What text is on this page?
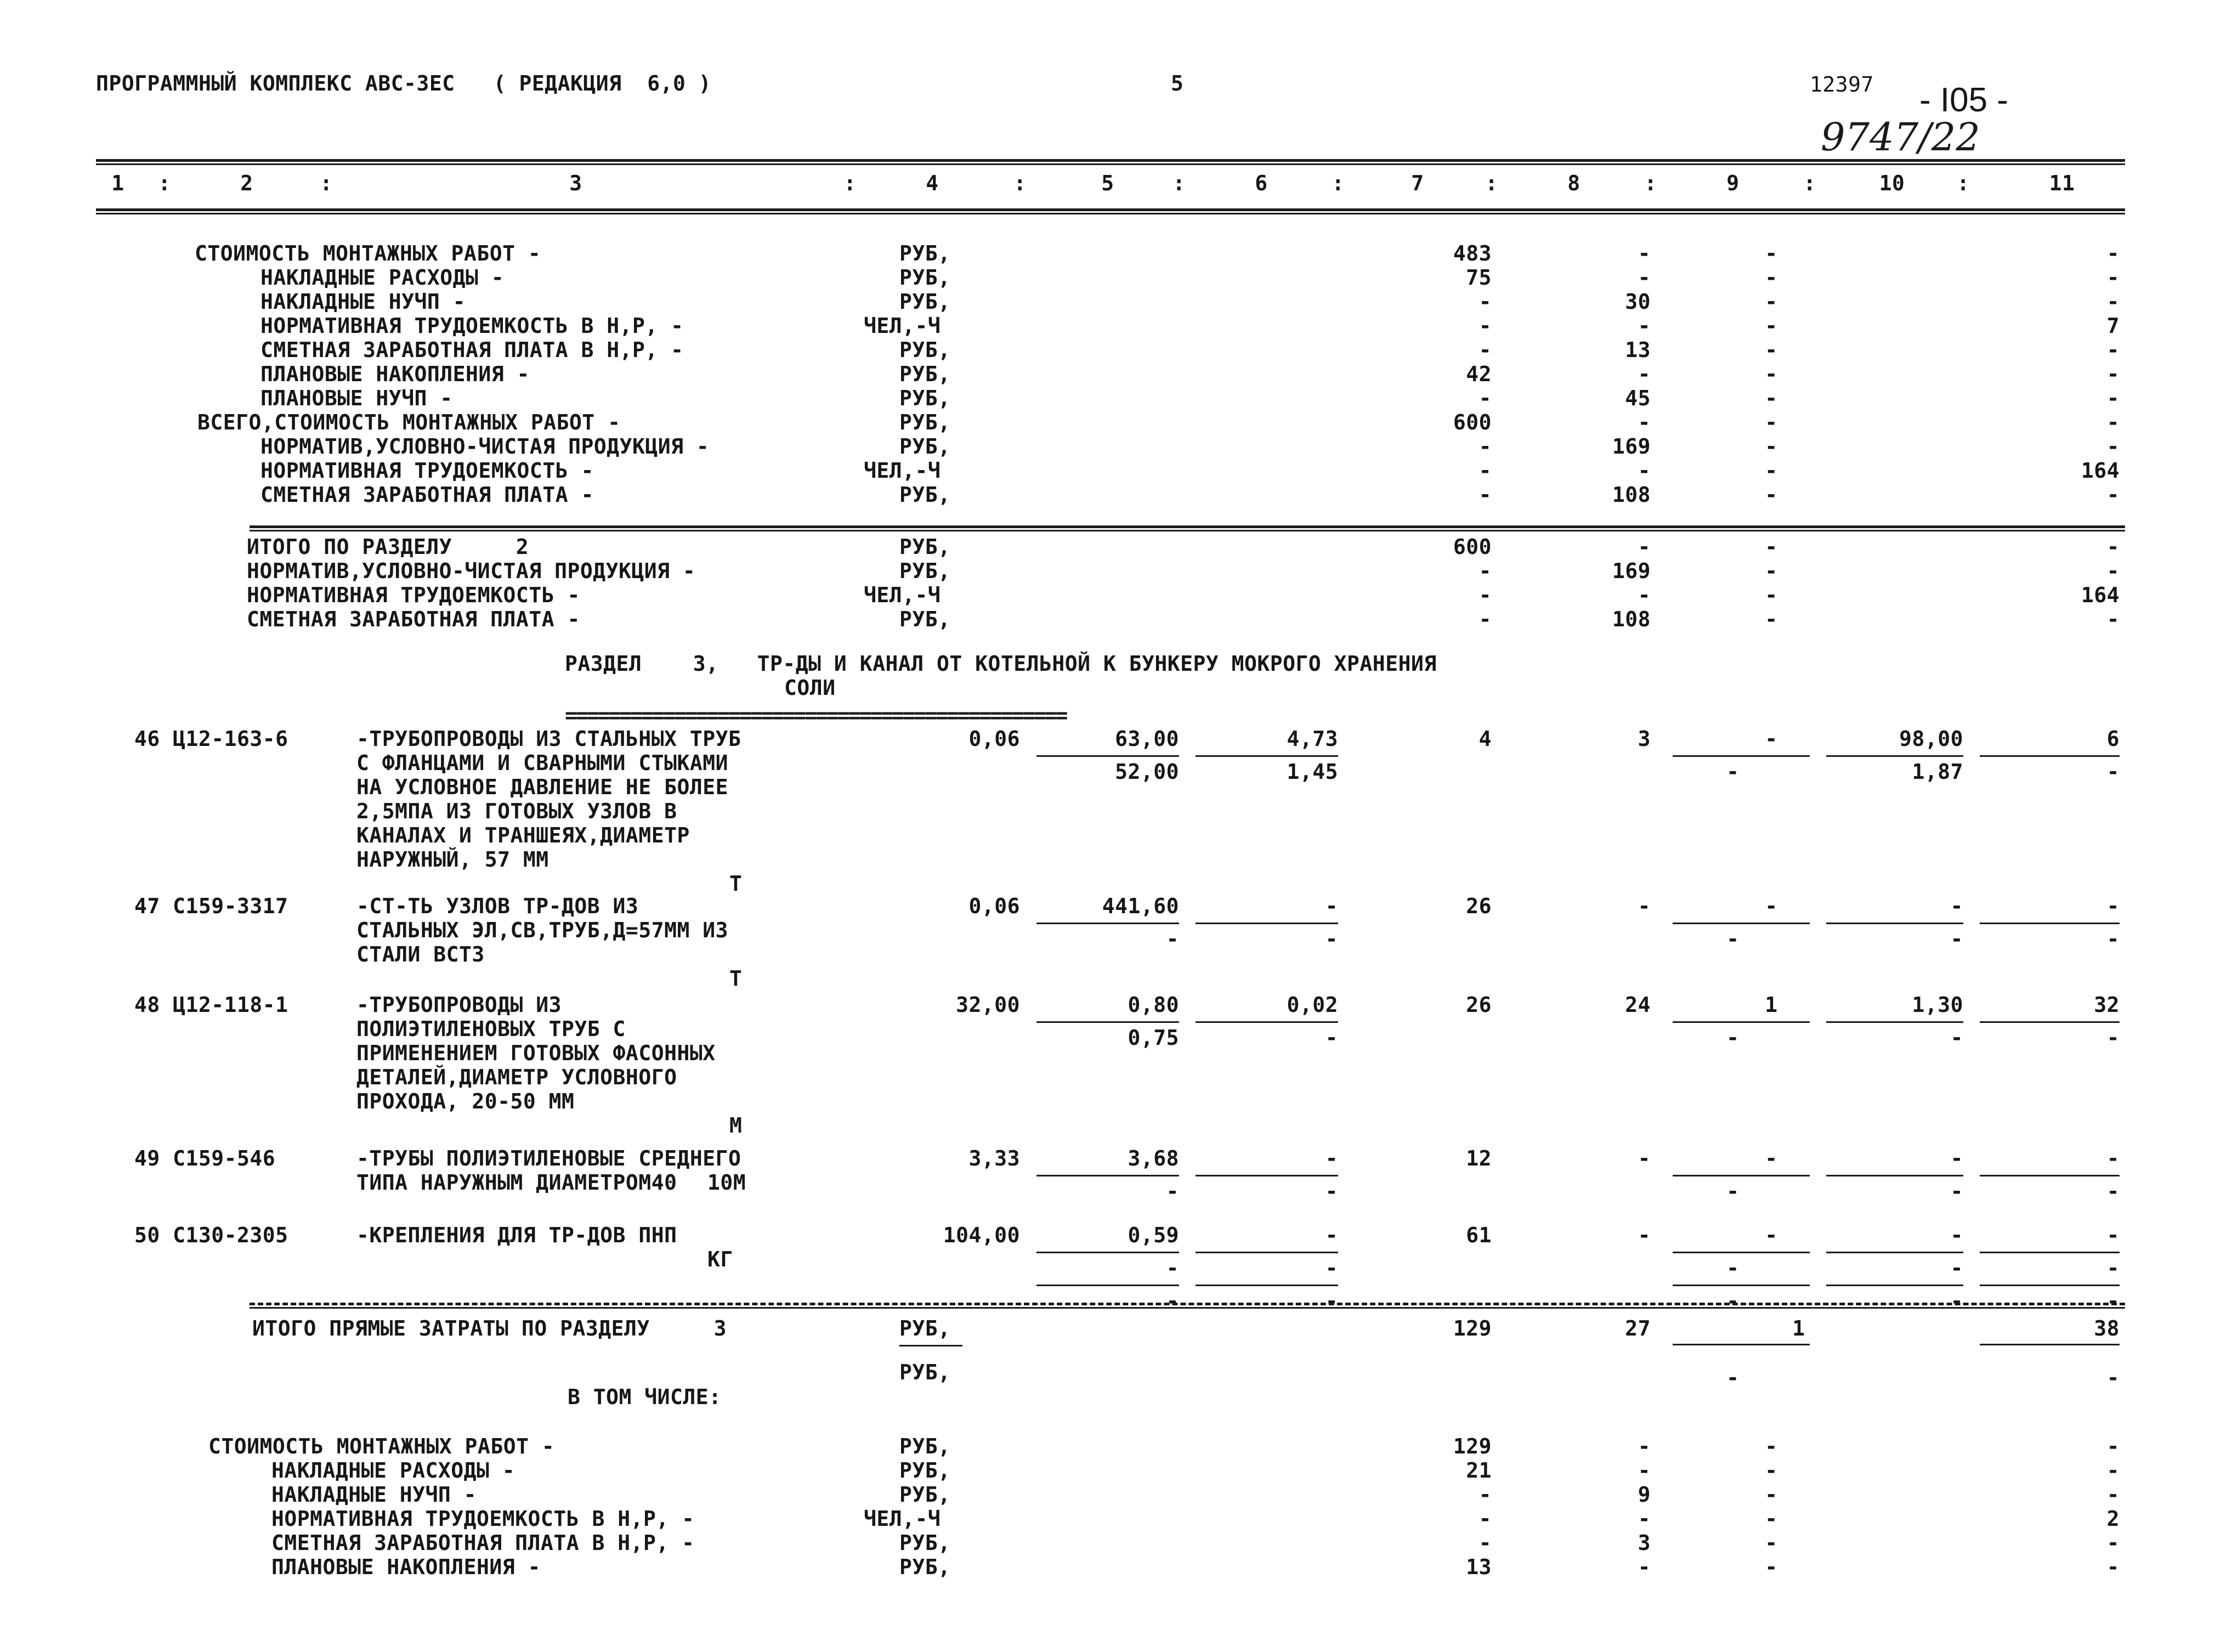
ПРОГРАММНЫЙ КОМПЛЕКС АВС-3ЕС   ( РЕДАКЦИЯ  6,0 )	5	12397 - I05 -
9747/22
1	2	3	4	5	6	7	8	9	10	11
:	:	:	:	:	:	:	:	:	:
СТОИМОСТЬ МОНТАЖНЫХ РАБОТ -	РУБ,	483	-	-	-
НАКЛАДНЫЕ РАСХОДЫ -	РУБ,	75	-	-	-
НАКЛАДНЫЕ НУЧП -	РУБ,	-	30	-	-
НОРМАТИВНАЯ ТРУДОЕМКОСТЬ В Н,Р, -	ЧЕЛ,-Ч	-	-	-	7
СМЕТНАЯ ЗАРАБОТНАЯ ПЛАТА В Н,Р, -	РУБ,	-	13	-	-
ПЛАНОВЫЕ НАКОПЛЕНИЯ -	РУБ,	42	-	-	-
ПЛАНОВЫЕ НУЧП -	РУБ,	-	45	-	-
ВСЕГО,СТОИМОСТЬ МОНТАЖНЫХ РАБОТ -	РУБ,	600	-	-	-
НОРМАТИВ,УСЛОВНО-ЧИСТАЯ ПРОДУКЦИЯ -	РУБ,	-	169	-	-
НОРМАТИВНАЯ ТРУДОЕМКОСТЬ -	ЧЕЛ,-Ч	-	-	-	164
СМЕТНАЯ ЗАРАБОТНАЯ ПЛАТА -	РУБ,	-	108	-	-
ИТОГО ПО РАЗДЕЛУ     2	РУБ,	600	-	-	-
НОРМАТИВ,УСЛОВНО-ЧИСТАЯ ПРОДУКЦИЯ -	РУБ,	-	169	-	-
НОРМАТИВНАЯ ТРУДОЕМКОСТЬ -	ЧЕЛ,-Ч	-	-	-	164
СМЕТНАЯ ЗАРАБОТНАЯ ПЛАТА -	РУБ,	-	108	-	-
РАЗДЕЛ    3,   ТР-ДЫ И КАНАЛ ОТ КОТЕЛЬНОЙ К БУНКЕРУ МОКРОГО ХРАНЕНИЯ
СОЛИ
==============================================
46 Ц12-163-6	-ТРУБОПРОВОДЫ ИЗ СТАЛЬНЫХ ТРУБ
С ФЛАНЦАМИ И СВАРНЫМИ СТЫКАМИ
НА УСЛОВНОЕ ДАВЛЕНИЕ НЕ БОЛЕЕ
2,5МПА ИЗ ГОТОВЫХ УЗЛОВ В
КАНАЛАХ И ТРАНШЕЯХ,ДИАМЕТР
НАРУЖНЫЙ, 57 ММ
Т
0,06	63,00	4,73	4	3	-	98,00	6
52,00	1,45	-	1,87	-
47 С159-3317	-СТ-ТЬ УЗЛОВ ТР-ДОВ ИЗ
СТАЛЬНЫХ ЭЛ,СВ,ТРУБ,Д=57ММ ИЗ
СТАЛИ ВСТ3
Т
0,06	441,60	-	26	-	-	-	-
-	-	-	-	-
48 Ц12-118-1	-ТРУБОПРОВОДЫ ИЗ
ПОЛИЭТИЛЕНОВЫХ ТРУБ С
ПРИМЕНЕНИЕМ ГОТОВЫХ ФАСОННЫХ
ДЕТАЛЕЙ,ДИАМЕТР УСЛОВНОГО
ПРОХОДА, 20-50 ММ
М
32,00	0,80	0,02	26	24	1	1,30	32
0,75	-	-	-	-
49 С159-546	-ТРУБЫ ПОЛИЭТИЛЕНОВЫЕ СРЕДНЕГО
ТИПА НАРУЖНЫМ ДИАМЕТРОМ40 10М
3,33	3,68	-	12	-	-	-	-
-	-	-	-	-
50 С130-2305	-КРЕПЛЕНИЯ ДЛЯ ТР-ДОВ ПНП
КГ
104,00	0,59	-	61	-	-	-	-
-	-	-	-	-
-	-	-	-	-
ИТОГО ПРЯМЫЕ ЗАТРАТЫ ПО РАЗДЕЛУ     3	РУБ,	129	27	1	38
РУБ,	-	-
В ТОМ ЧИСЛЕ:
СТОИМОСТЬ МОНТАЖНЫХ РАБОТ -	РУБ,	129	-	-	-
НАКЛАДНЫЕ РАСХОДЫ -	РУБ,	21	-	-	-
НАКЛАДНЫЕ НУЧП -	РУБ,	-	9	-	-
НОРМАТИВНАЯ ТРУДОЕМКОСТЬ В Н,Р, -	ЧЕЛ,-Ч	-	-	-	2
СМЕТНАЯ ЗАРАБОТНАЯ ПЛАТА В Н,Р, -	РУБ,	-	3	-	-
ПЛАНОВЫЕ НАКОПЛЕНИЯ -	РУБ,	13	-	-	-
